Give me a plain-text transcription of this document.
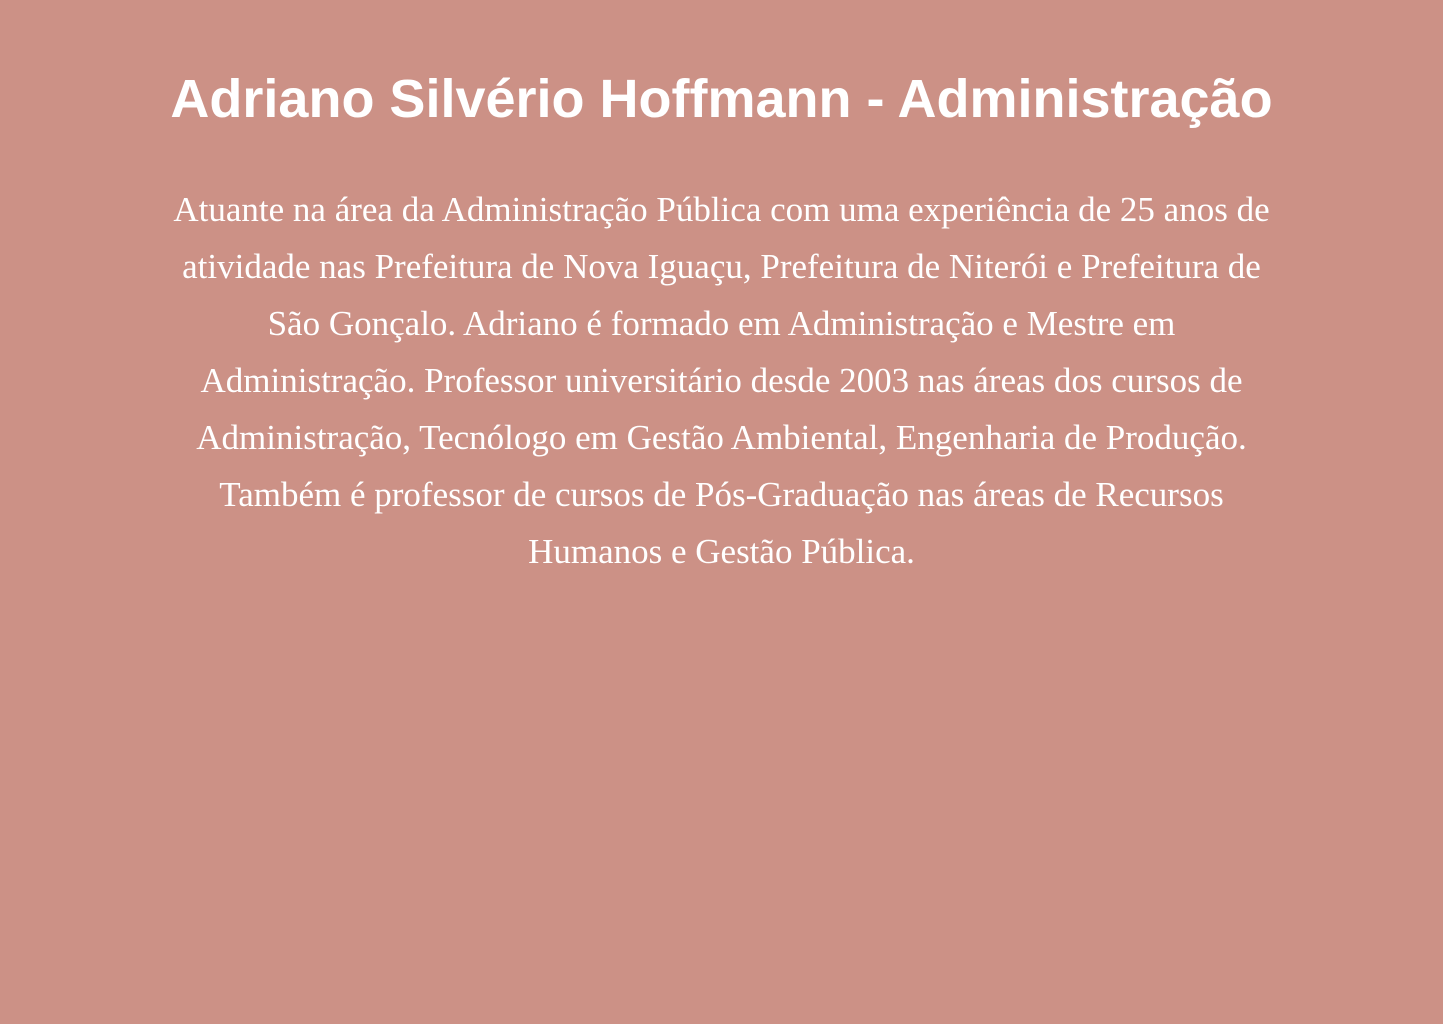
Adriano Silvério Hoffmann - Administração
Atuante na área da Administração Pública com uma experiência de 25 anos de
atividade nas Prefeitura de Nova Iguaçu, Prefeitura de Niterói e Prefeitura de
São Gonçalo. Adriano é formado em Administração e Mestre em
Administração. Professor universitário desde 2003 nas áreas dos cursos de
Administração, Tecnólogo em Gestão Ambiental, Engenharia de Produção.
Também é professor de cursos de Pós-Graduação nas áreas de Recursos
Humanos e Gestão Pública.
